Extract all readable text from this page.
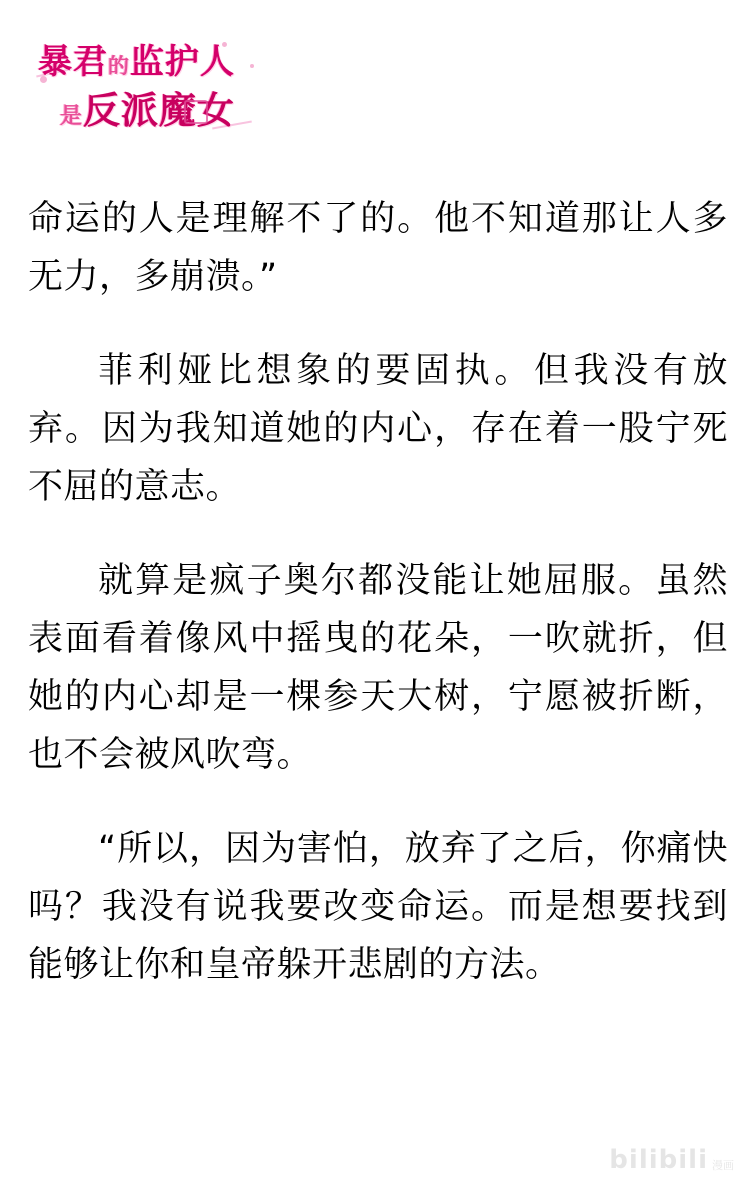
暴君的监护人
是反派魔女

命运的人是理解不了的。他不知道那让人多无力，多崩溃。”

菲利娅比想象的要固执。但我没有放弃。因为我知道她的内心，存在着一股宁死不屈的意志。

就算是疯子奥尔都没能让她屈服。虽然表面看着像风中摇曳的花朵，一吹就折，但她的内心却是一棵参天大树，宁愿被折断，也不会被风吹弯。

“所以，因为害怕，放弃了之后，你痛快吗？我没有说我要改变命运。而是想要找到能够让你和皇帝躲开悲剧的方法。

bilibili 漫画
